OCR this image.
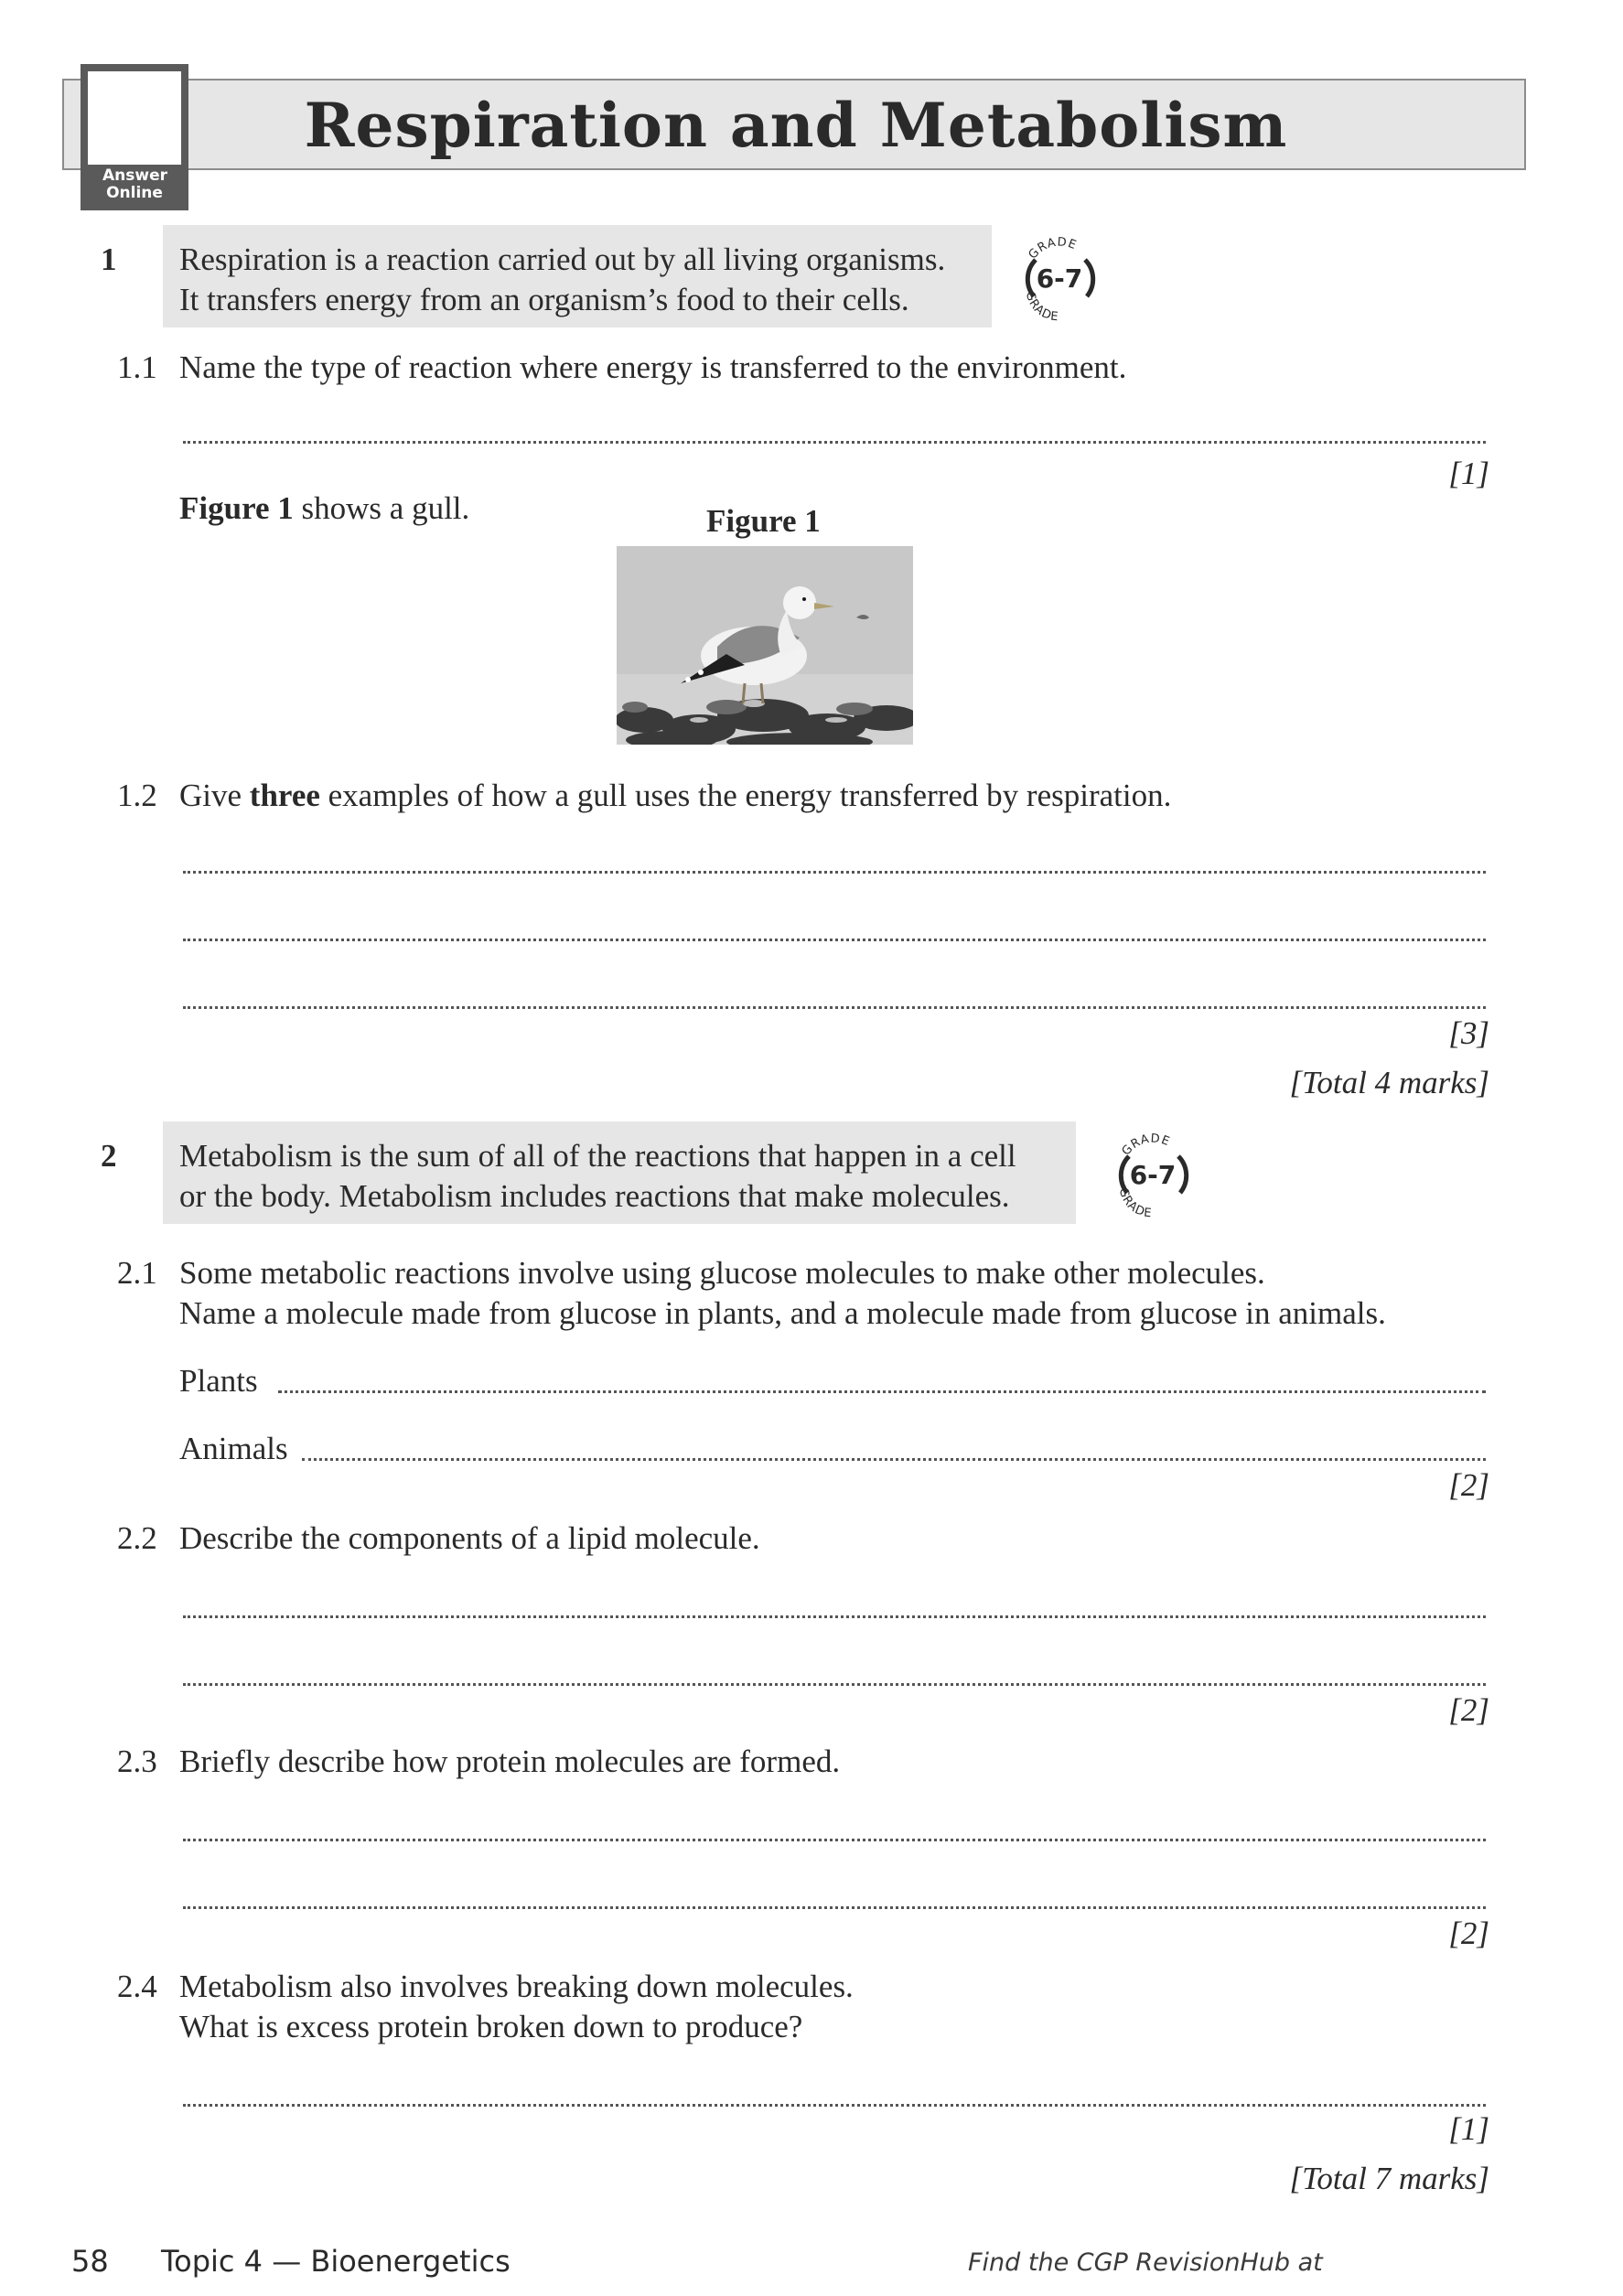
Respiration and Metabolism
Answer Online
1 Respiration is a reaction carried out by all living organisms.
It transfers energy from an organism’s food to their cells.
GRADE
GRADE
6-7
1.1 Name the type of reaction where energy is transferred to the environment.
[1]
Figure 1 shows a gull.	Figure 1
1.2 Give three examples of how a gull uses the energy transferred by respiration.
[3]
[Total 4 marks]
2 Metabolism is the sum of all of the reactions that happen in a cell
or the body. Metabolism includes reactions that make molecules.
GRADE
GRADE
6-7
2.1 Some metabolic reactions involve using glucose molecules to make other molecules.
Name a molecule made from glucose in plants, and a molecule made from glucose in animals.
Plants
Animals
[2]
2.2 Describe the components of a lipid molecule.
[2]
2.3 Briefly describe how protein molecules are formed.
[2]
2.4 Metabolism also involves breaking down molecules.
What is excess protein broken down to produce?
[1]
[Total 7 marks]
58 Topic 4 — Bioenergetics	Find the CGP RevisionHub at
